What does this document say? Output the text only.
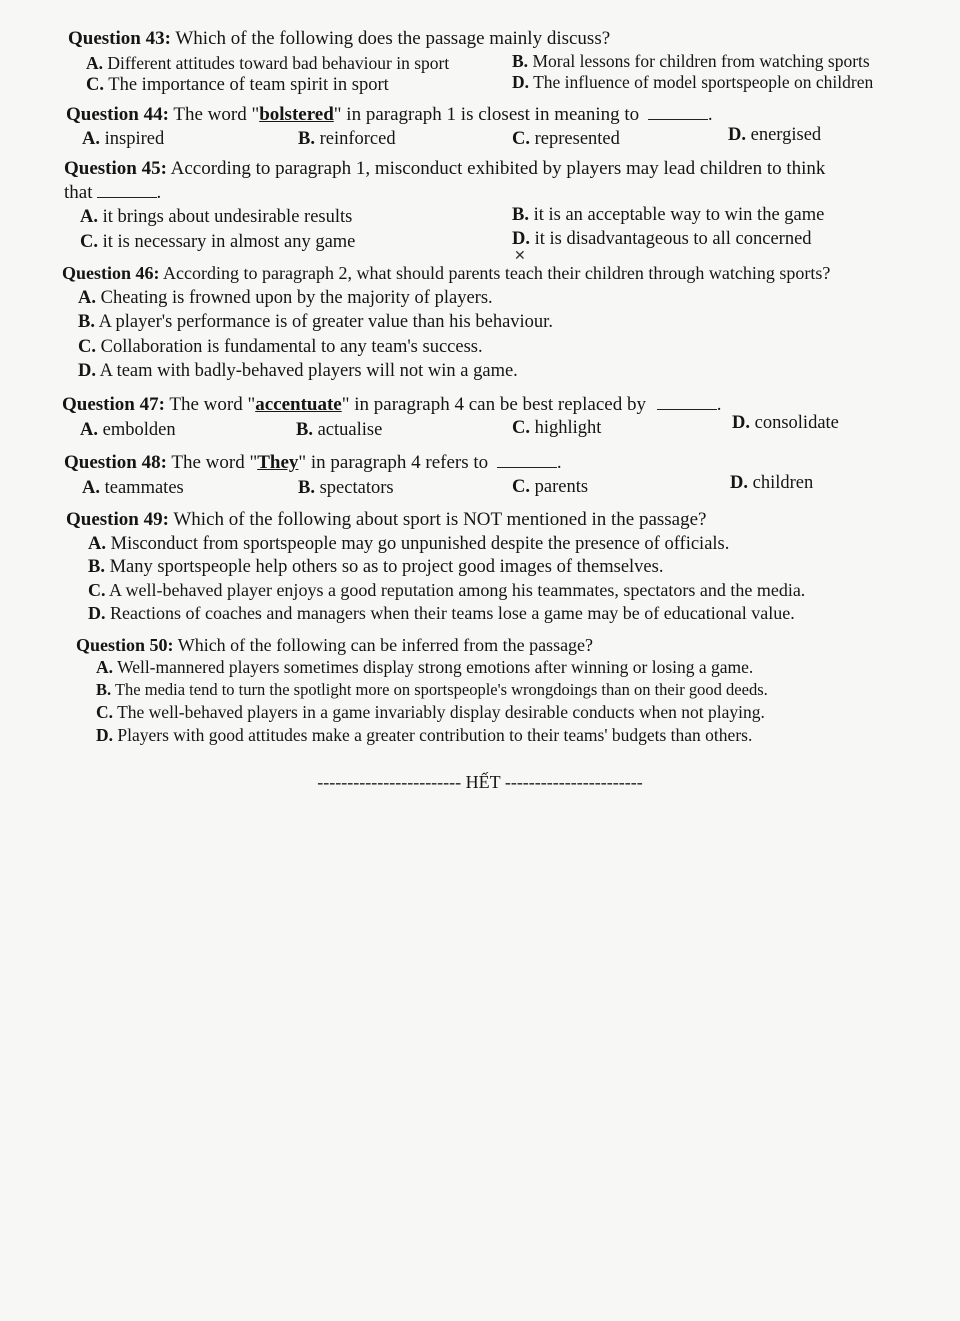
Question 43: Which of the following does the passage mainly discuss?
A. Different attitudes toward bad behaviour in sport	B. Moral lessons for children from watching sports
C. The importance of team spirit in sport	D. The influence of model sportspeople on children
Question 44: The word "bolstered" in paragraph 1 is closest in meaning to	.
A. inspired	B. reinforced	C. represented	D. energised
Question 45: According to paragraph 1, misconduct exhibited by players may lead children to think
that	.
A. it brings about undesirable results	B. it is an acceptable way to win the game
C. it is necessary in almost any game	D. it is disadvantageous to all concerned
✕
Question 46: According to paragraph 2, what should parents teach their children through watching sports?
A. Cheating is frowned upon by the majority of players.
B. A player's performance is of greater value than his behaviour.
C. Collaboration is fundamental to any team's success.
D. A team with badly-behaved players will not win a game.
Question 47: The word "accentuate" in paragraph 4 can be best replaced by	.
A. embolden	B. actualise	C. highlight	D. consolidate
Question 48: The word "They" in paragraph 4 refers to	.
A. teammates	B. spectators	C. parents	D. children
Question 49: Which of the following about sport is NOT mentioned in the passage?
A. Misconduct from sportspeople may go unpunished despite the presence of officials.
B. Many sportspeople help others so as to project good images of themselves.
C. A well-behaved player enjoys a good reputation among his teammates, spectators and the media.
D. Reactions of coaches and managers when their teams lose a game may be of educational value.
Question 50: Which of the following can be inferred from the passage?
A. Well-mannered players sometimes display strong emotions after winning or losing a game.
B. The media tend to turn the spotlight more on sportspeople's wrongdoings than on their good deeds.
C. The well-behaved players in a game invariably display desirable conducts when not playing.
D. Players with good attitudes make a greater contribution to their teams' budgets than others.
------------------------ HẾT -----------------------
